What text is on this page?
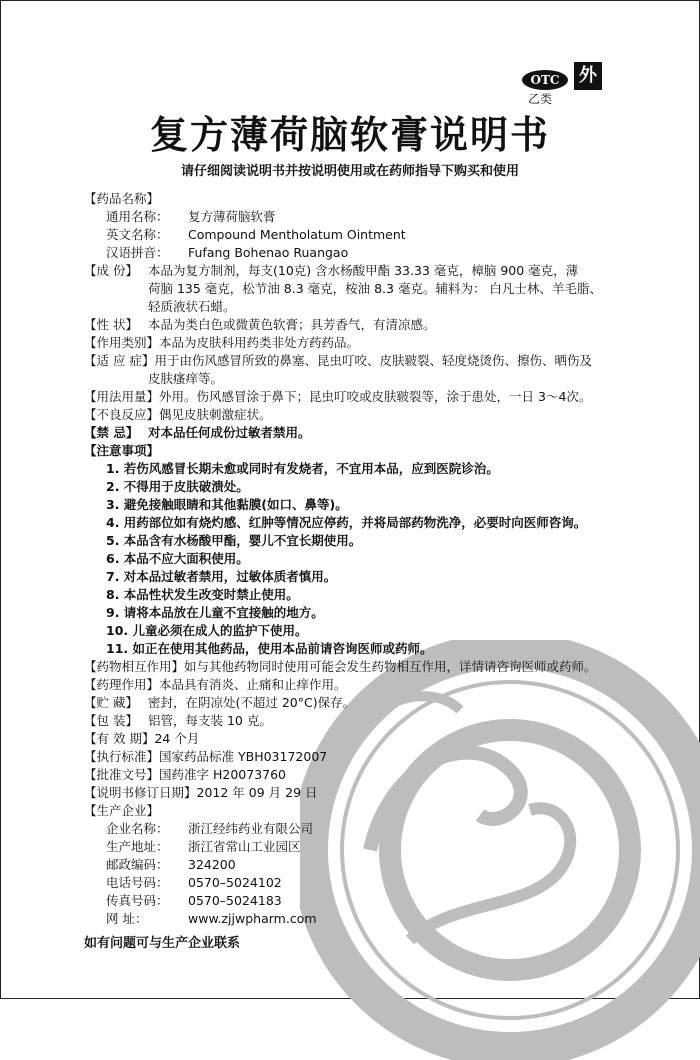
OTC	外
乙类
复方薄荷脑软膏说明书
请仔细阅读说明书并按说明使用或在药师指导下购买和使用

【药品名称】

通用名称： 复方薄荷脑软膏

英文名称： Compound Mentholatum Ointment

汉语拼音： Fufang Bohenao Ruangao

【成 份】 本品为复方制剂，每支(10克) 含水杨酸甲酯 33.33 毫克，樟脑 900 毫克，薄

荷脑 135 毫克，松节油 8.3 毫克，桉油 8.3 毫克。辅料为： 白凡士林、羊毛脂、

轻质液状石蜡。

【性 状】 本品为类白色或微黄色软膏；具芳香气，有清凉感。

【作用类别】本品为皮肤科用药类非处方药药品。

【适 应 症】用于由伤风感冒所致的鼻塞、昆虫叮咬、皮肤皲裂、轻度烧烫伤、擦伤、晒伤及

皮肤瘙痒等。

【用法用量】外用。伤风感冒涂于鼻下；昆虫叮咬或皮肤皲裂等，涂于患处，一日 3～4次。

【不良反应】偶见皮肤刺激症状。

【禁 忌】 对本品任何成份过敏者禁用。

【注意事项】

1. 若伤风感冒长期未愈或同时有发烧者，不宜用本品，应到医院诊治。

2. 不得用于皮肤破溃处。

3. 避免接触眼睛和其他黏膜(如口、鼻等)。

4. 用药部位如有烧灼感、红肿等情况应停药，并将局部药物洗净，必要时向医师咨询。

5. 本品含有水杨酸甲酯，婴儿不宜长期使用。

6. 本品不应大面积使用。

7. 对本品过敏者禁用，过敏体质者慎用。

8. 本品性状发生改变时禁止使用。

9. 请将本品放在儿童不宜接触的地方。

10. 儿童必须在成人的监护下使用。

11. 如正在使用其他药品，使用本品前请咨询医师或药师。

【药物相互作用】如与其他药物同时使用可能会发生药物相互作用，详情请咨询医师或药师。

【药理作用】本品具有消炎、止痛和止痒作用。

【贮 藏】 密封，在阴凉处(不超过 20°C)保存。

【包 装】 铝管，每支装 10 克。

【有 效 期】24 个月

【执行标准】国家药品标准 YBH03172007

【批准文号】国药准字 H20073760

【说明书修订日期】2012 年 09 月 29 日

【生产企业】

企业名称： 浙江经纬药业有限公司

生产地址： 浙江省常山工业园区

邮政编码： 324200

电话号码： 0570–5024102

传真号码： 0570–5024183

网 址：	www.zjjwpharm.com

如有问题可与生产企业联系
